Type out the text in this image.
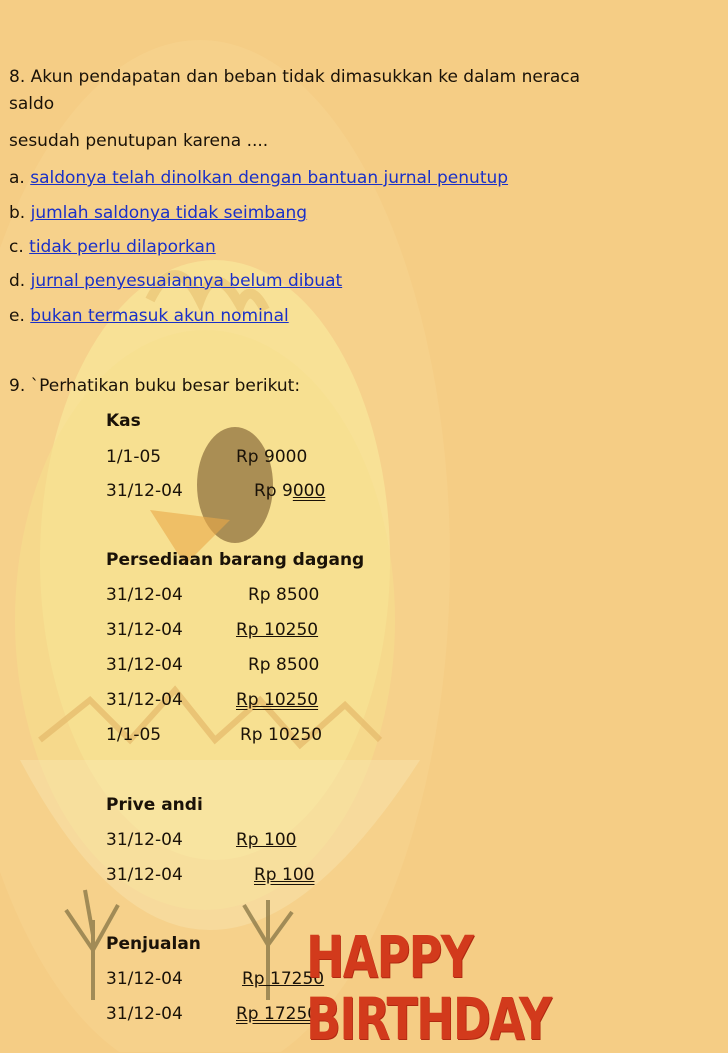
8. Akun pendapatan dan beban tidak dimasukkan ke dalam neraca
saldo
sesudah penutupan karena ....
a. saldonya telah dinolkan dengan bantuan jurnal penutup
b. jumlah saldonya tidak seimbang
c. tidak perlu dilaporkan
d. jurnal penyesuaiannya belum dibuat
e. bukan termasuk akun nominal
9. `Perhatikan buku besar berikut:
Kas
1/1-05	Rp 9000
31/12-04	Rp 9000
Persediaan barang dagang
31/12-04	Rp 8500
31/12-04	Rp 10250
31/12-04	Rp 8500
31/12-04	Rp 10250
1/1-05	Rp 10250
Prive andi
31/12-04	Rp 100
31/12-04	Rp 100
Penjualan
31/12-04	Rp 17250
31/12-04	Rp 17250
HAPPY BIRTHDAY
